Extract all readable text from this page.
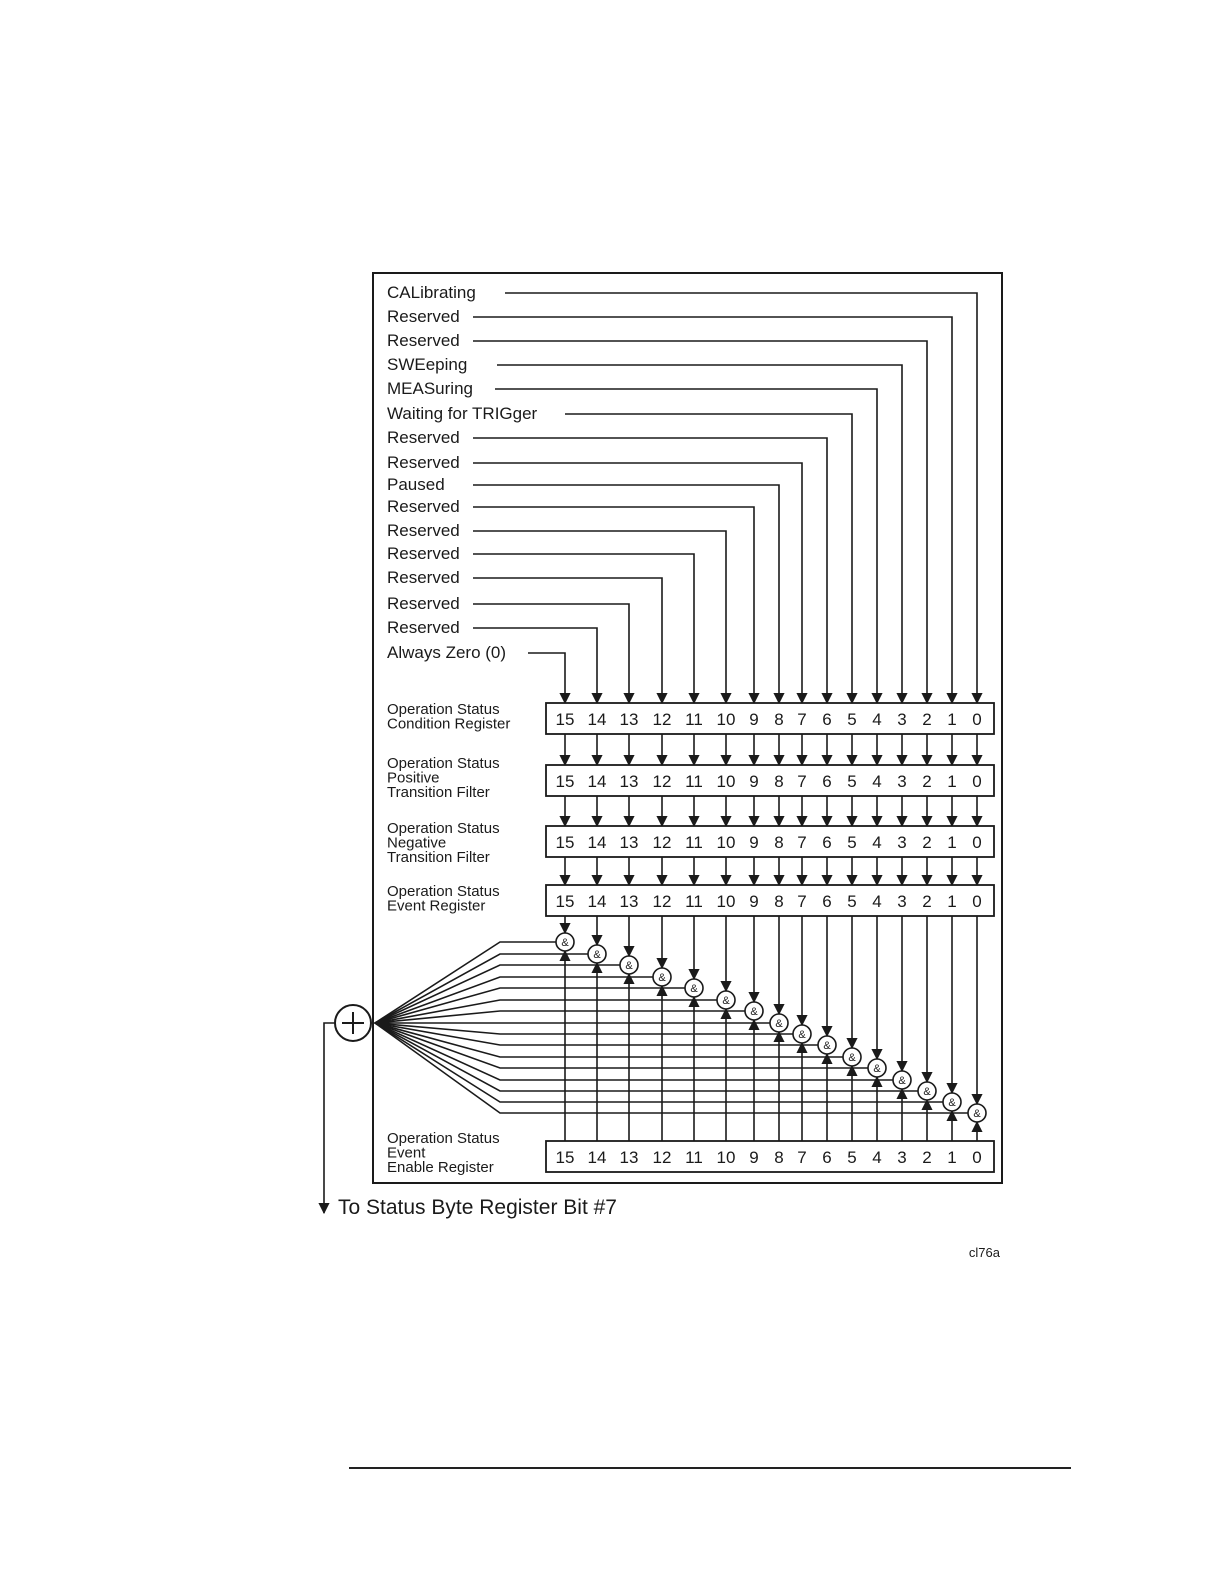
&
&
&
&
&
&
&
&
&
&
&
&
&
&
&
&
CALibrating
Reserved
Reserved
SWEeping
MEASuring
Waiting for TRIGger
Reserved
Reserved
Paused
Reserved
Reserved
Reserved
Reserved
Reserved
Reserved
Always Zero (0)
15 14 13 12 11 10 9 8 7 6 5 4 3 2 1 0
Operation Status
Condition Register
15 14 13 12 11 10 9 8 7 6 5 4 3 2 1 0
Operation Status
Positive
Transition Filter
15 14 13 12 11 10 9 8 7 6 5 4 3 2 1 0
Operation Status
Negative
Transition Filter
15 14 13 12 11 10 9 8 7 6 5 4 3 2 1 0
Operation Status
Event Register
15 14 13 12 11 10 9 8 7 6 5 4 3 2 1 0
Operation Status
Event
Enable Register
To Status Byte Register Bit #7
cl76a
